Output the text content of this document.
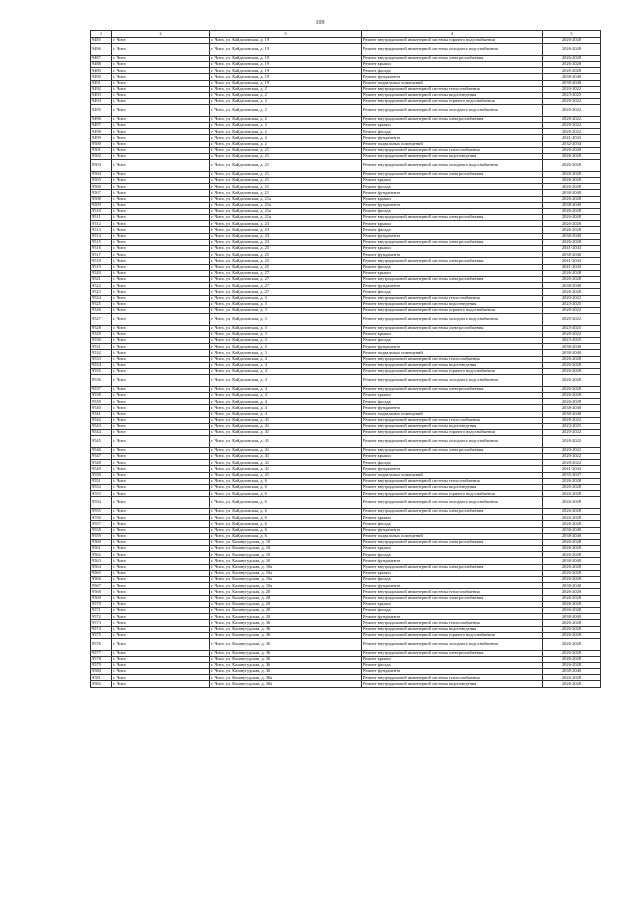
109
1	2	3	4	5
9485	г. Чита	г. Чита, ул. Кайдаловская, д. 19	Ремонт внутридомовой инженерной системы горячего водоснабжения	2026-2028
9486	г. Чита	г. Чита, ул. Кайдаловская, д. 19	Ремонт внутридомовой инженерной системы холодного водоснабжения	2026-2028
9487	г. Чита	г. Чита, ул. Кайдаловская, д. 19	Ремонт внутридомовой инженерной системы электроснабжения	2026-2028
9488	г. Чита	г. Чита, ул. Кайдаловская, д. 19	Ремонт крыши	2026-2028
9489	г. Чита	г. Чита, ул. Кайдаловская, д. 19	Ремонт фасада	2026-2028
9490	г. Чита	г. Чита, ул. Кайдаловская, д. 19	Ремонт фундамента	2038-2040
9491	г. Чита	г. Чита, ул. Кайдаловская, д. 19	Ремонт подвальных помещений	2038-2040
9492	г. Чита	г. Чита, ул. Кайдаловская, д. 2	Ремонт внутридомовой инженерной системы теплоснабжения	2020-2022
9493	г. Чита	г. Чита, ул. Кайдаловская, д. 2	Ремонт внутридомовой инженерной системы водоотведения	2023-2025
9494	г. Чита	г. Чита, ул. Кайдаловская, д. 2	Ремонт внутридомовой инженерной системы горячего водоснабжения	2020-2022
9495	г. Чита	г. Чита, ул. Кайдаловская, д. 2	Ремонт внутридомовой инженерной системы холодного водоснабжения	2020-2022
9496	г. Чита	г. Чита, ул. Кайдаловская, д. 2	Ремонт внутридомовой инженерной системы электроснабжения	2020-2022
9497	г. Чита	г. Чита, ул. Кайдаловская, д. 2	Ремонт крыши	2020-2022
9498	г. Чита	г. Чита, ул. Кайдаловская, д. 2	Ремонт фасада	2020-2022
9499	г. Чита	г. Чита, ул. Кайдаловская, д. 2	Ремонт фундамента	2041-2043
9500	г. Чита	г. Чита, ул. Кайдаловская, д. 2	Ремонт подвальных помещений	2032-2034
9501	г. Чита	г. Чита, ул. Кайдаловская, д. 21	Ремонт внутридомовой инженерной системы теплоснабжения	2026-2028
9502	г. Чита	г. Чита, ул. Кайдаловская, д. 21	Ремонт внутридомовой инженерной системы водоотведения	2026-2028
9503	г. Чита	г. Чита, ул. Кайдаловская, д. 21	Ремонт внутридомовой инженерной системы холодного водоснабжения	2026-2028
9504	г. Чита	г. Чита, ул. Кайдаловская, д. 21	Ремонт внутридомовой инженерной системы электроснабжения	2026-2028
9505	г. Чита	г. Чита, ул. Кайдаловская, д. 21	Ремонт крыши	2026-2028
9506	г. Чита	г. Чита, ул. Кайдаловская, д. 21	Ремонт фасада	2026-2028
9507	г. Чита	г. Чита, ул. Кайдаловская, д. 21	Ремонт фундамента	2038-2040
9508	г. Чита	г. Чита, ул. Кайдаловская, д. 21а	Ремонт крыши	2026-2028
9509	г. Чита	г. Чита, ул. Кайдаловская, д. 21а	Ремонт фундамента	2038-2040
9510	г. Чита	г. Чита, ул. Кайдаловская, д. 21а	Ремонт фасада	2026-2028
9511	г. Чита	г. Чита, ул. Кайдаловская, д. 21а	Ремонт внутридомовой инженерной системы электроснабжения	2026-2028
9512	г. Чита	г. Чита, ул. Кайдаловская, д. 23	Ремонт крыши	2026-2028
9513	г. Чита	г. Чита, ул. Кайдаловская, д. 23	Ремонт фасада	2026-2028
9514	г. Чита	г. Чита, ул. Кайдаловская, д. 23	Ремонт фундамента	2038-2040
9515	г. Чита	г. Чита, ул. Кайдаловская, д. 23	Ремонт внутридомовой инженерной системы электроснабжения	2026-2028
9516	г. Чита	г. Чита, ул. Кайдаловская, д. 25	Ремонт крыши	2041-2043
9517	г. Чита	г. Чита, ул. Кайдаловская, д. 25	Ремонт фундамента	2038-2040
9518	г. Чита	г. Чита, ул. Кайдаловская, д. 25	Ремонт внутридомовой инженерной системы электроснабжения	2041-2043
9519	г. Чита	г. Чита, ул. Кайдаловская, д. 25	Ремонт фасада	2041-2043
9520	г. Чита	г. Чита, ул. Кайдаловская, д. 27	Ремонт крыши	2026-2028
9521	г. Чита	г. Чита, ул. Кайдаловская, д. 27	Ремонт внутридомовой инженерной системы электроснабжения	2026-2028
9522	г. Чита	г. Чита, ул. Кайдаловская, д. 27	Ремонт фундамента	2038-2040
9523	г. Чита	г. Чита, ул. Кайдаловская, д. 27	Ремонт фасада	2026-2028
9524	г. Чита	г. Чита, ул. Кайдаловская, д. 3	Ремонт внутридомовой инженерной системы теплоснабжения	2020-2022
9525	г. Чита	г. Чита, ул. Кайдаловская, д. 3	Ремонт внутридомовой инженерной системы водоотведения	2023-2025
9526	г. Чита	г. Чита, ул. Кайдаловская, д. 3	Ремонт внутридомовой инженерной системы горячего водоснабжения	2020-2022
9527	г. Чита	г. Чита, ул. Кайдаловская, д. 3	Ремонт внутридомовой инженерной системы холодного водоснабжения	2020-2022
9528	г. Чита	г. Чита, ул. Кайдаловская, д. 3	Ремонт внутридомовой инженерной системы электроснабжения	2023-2025
9529	г. Чита	г. Чита, ул. Кайдаловская, д. 3	Ремонт крыши	2020-2022
9530	г. Чита	г. Чита, ул. Кайдаловская, д. 3	Ремонт фасада	2023-2025
9531	г. Чита	г. Чита, ул. Кайдаловская, д. 3	Ремонт фундамента	2038-2040
9532	г. Чита	г. Чита, ул. Кайдаловская, д. 3	Ремонт подвальных помещений	2038-2040
9533	г. Чита	г. Чита, ул. Кайдаловская, д. 4	Ремонт внутридомовой инженерной системы теплоснабжения	2026-2028
9534	г. Чита	г. Чита, ул. Кайдаловская, д. 4	Ремонт внутридомовой инженерной системы водоотведения	2026-2028
9535	г. Чита	г. Чита, ул. Кайдаловская, д. 4	Ремонт внутридомовой инженерной системы горячего водоснабжения	2026-2028
9536	г. Чита	г. Чита, ул. Кайдаловская, д. 4	Ремонт внутридомовой инженерной системы холодного водоснабжения	2026-2028
9537	г. Чита	г. Чита, ул. Кайдаловская, д. 4	Ремонт внутридомовой инженерной системы электроснабжения	2026-2028
9538	г. Чита	г. Чита, ул. Кайдаловская, д. 4	Ремонт крыши	2026-2028
9539	г. Чита	г. Чита, ул. Кайдаловская, д. 4	Ремонт фасада	2026-2028
9540	г. Чита	г. Чита, ул. Кайдаловская, д. 4	Ремонт фундамента	2038-2040
9541	г. Чита	г. Чита, ул. Кайдаловская, д. 4	Ремонт подвальных помещений	2038-2040
9542	г. Чита	г. Чита, ул. Кайдаловская, д. 41	Ремонт внутридомовой инженерной системы теплоснабжения	2020-2022
9543	г. Чита	г. Чита, ул. Кайдаловская, д. 41	Ремонт внутридомовой инженерной системы водоотведения	2023-2025
9544	г. Чита	г. Чита, ул. Кайдаловская, д. 41	Ремонт внутридомовой инженерной системы горячего водоснабжения	2020-2022
9545	г. Чита	г. Чита, ул. Кайдаловская, д. 41	Ремонт внутридомовой инженерной системы холодного водоснабжения	2020-2022
9546	г. Чита	г. Чита, ул. Кайдаловская, д. 41	Ремонт внутридомовой инженерной системы электроснабжения	2020-2022
9547	г. Чита	г. Чита, ул. Кайдаловская, д. 41	Ремонт крыши	2020-2022
9548	г. Чита	г. Чита, ул. Кайдаловская, д. 41	Ремонт фасада	2020-2022
9549	г. Чита	г. Чита, ул. Кайдаловская, д. 41	Ремонт фундамента	2041-2043
9550	г. Чита	г. Чита, ул. Кайдаловская, д. 41	Ремонт подвальных помещений	2035-2037
9551	г. Чита	г. Чита, ул. Кайдаловская, д. 6	Ремонт внутридомовой инженерной системы теплоснабжения	2026-2028
9552	г. Чита	г. Чита, ул. Кайдаловская, д. 6	Ремонт внутридомовой инженерной системы водоотведения	2026-2028
9553	г. Чита	г. Чита, ул. Кайдаловская, д. 6	Ремонт внутридомовой инженерной системы горячего водоснабжения	2026-2028
9554	г. Чита	г. Чита, ул. Кайдаловская, д. 6	Ремонт внутридомовой инженерной системы холодного водоснабжения	2026-2028
9555	г. Чита	г. Чита, ул. Кайдаловская, д. 6	Ремонт внутридомовой инженерной системы электроснабжения	2026-2028
9556	г. Чита	г. Чита, ул. Кайдаловская, д. 6	Ремонт крыши	2026-2028
9557	г. Чита	г. Чита, ул. Кайдаловская, д. 6	Ремонт фасада	2026-2028
9558	г. Чита	г. Чита, ул. Кайдаловская, д. 6	Ремонт фундамента	2038-2040
9559	г. Чита	г. Чита, ул. Кайдаловская, д. 6	Ремонт подвальных помещений	2038-2040
9560	г. Чита	г. Чита, ул. Казанугудская, д. 10	Ремонт внутридомовой инженерной системы электроснабжения	2026-2028
9561	г. Чита	г. Чита, ул. Казанугудская, д. 10	Ремонт крыши	2026-2028
9562	г. Чита	г. Чита, ул. Казанугудская, д. 10	Ремонт фасада	2026-2028
9563	г. Чита	г. Чита, ул. Казанугудская, д. 10	Ремонт фундамента	2038-2040
9564	г. Чита	г. Чита, ул. Казанугудская, д. 10а	Ремонт внутридомовой инженерной системы электроснабжения	2026-2028
9565	г. Чита	г. Чита, ул. Казанугудская, д. 10а	Ремонт крыши	2026-2028
9566	г. Чита	г. Чита, ул. Казанугудская, д. 10а	Ремонт фасада	2026-2028
9567	г. Чита	г. Чита, ул. Казанугудская, д. 10а	Ремонт фундамента	2038-2040
9568	г. Чита	г. Чита, ул. Казанугудская, д. 20	Ремонт внутридомовой инженерной системы теплоснабжения	2026-2028
9569	г. Чита	г. Чита, ул. Казанугудская, д. 20	Ремонт внутридомовой инженерной системы электроснабжения	2026-2028
9570	г. Чита	г. Чита, ул. Казанугудская, д. 20	Ремонт крыши	2026-2028
9571	г. Чита	г. Чита, ул. Казанугудская, д. 20	Ремонт фасада	2026-2028
9572	г. Чита	г. Чита, ул. Казанугудская, д. 20	Ремонт фундамента	2038-2040
9573	г. Чита	г. Чита, ул. Казанугудская, д. 36	Ремонт внутридомовой инженерной системы теплоснабжения	2026-2028
9574	г. Чита	г. Чита, ул. Казанугудская, д. 36	Ремонт внутридомовой инженерной системы водоотведения	2026-2028
9575	г. Чита	г. Чита, ул. Казанугудская, д. 36	Ремонт внутридомовой инженерной системы горячего водоснабжения	2026-2028
9576	г. Чита	г. Чита, ул. Казанугудская, д. 36	Ремонт внутридомовой инженерной системы холодного водоснабжения	2026-2028
9577	г. Чита	г. Чита, ул. Казанугудская, д. 36	Ремонт внутридомовой инженерной системы электроснабжения	2026-2028
9578	г. Чита	г. Чита, ул. Казанугудская, д. 36	Ремонт крыши	2026-2028
9579	г. Чита	г. Чита, ул. Казанугудская, д. 36	Ремонт фасада	2026-2028
9580	г. Чита	г. Чита, ул. Казанугудская, д. 36	Ремонт фундамента	2038-2040
9581	г. Чита	г. Чита, ул. Казанугудская, д. 38а	Ремонт внутридомовой инженерной системы теплоснабжения	2026-2028
9582	г. Чита	г. Чита, ул. Казанугудская, д. 38а	Ремонт внутридомовой инженерной системы водоотведения	2026-2028
